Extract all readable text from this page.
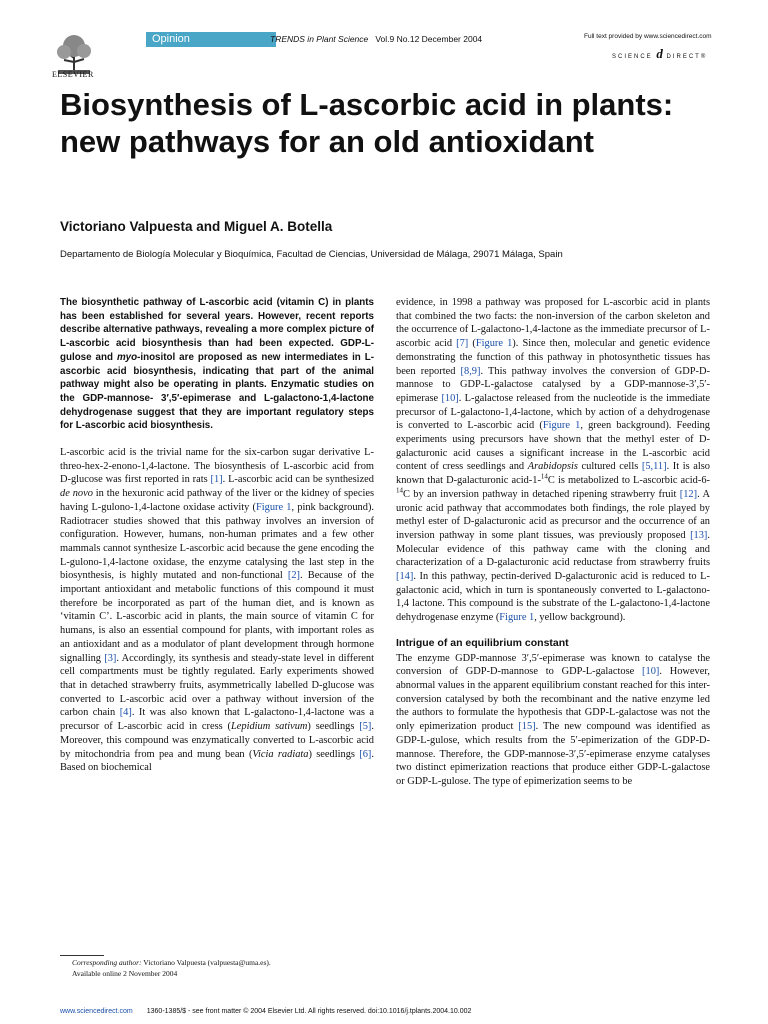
ELSEVIER
Opinion	TRENDS in Plant Science Vol.9 No.12 December 2004	Full text provided by www.sciencedirect.com
SCIENCE d DIRECT®
Biosynthesis of L-ascorbic acid in plants: new pathways for an old antioxidant
Victoriano Valpuesta and Miguel A. Botella
Departamento de Biología Molecular y Bioquímica, Facultad de Ciencias, Universidad de Málaga, 29071 Málaga, Spain

The biosynthetic pathway of L-ascorbic acid (vitamin C) in plants has been established for several years. However, recent reports describe alternative pathways, revealing a more complex picture of L-ascorbic acid biosynthesis than had been expected. GDP-L-gulose and myo-inositol are proposed as new intermediates in L-ascorbic acid biosynthesis, indicating that part of the animal pathway might also be operating in plants. Enzymatic studies on the GDP-mannose- 3′,5′-epimerase and L-galactono-1,4-lactone dehydrogenase suggest that they are important regulatory steps for L-ascorbic acid biosynthesis.

L-ascorbic acid is the trivial name for the six-carbon sugar derivative L-threo-hex-2-enono-1,4-lactone. The biosynthesis of L-ascorbic acid from D-glucose was first reported in rats [1]. L-ascorbic acid can be synthesized de novo in the hexuronic acid pathway of the liver or the kidney of species having L-gulono-1,4-lactone oxidase activity (Figure 1, pink background). Radiotracer studies showed that this pathway involves an inversion of configuration. However, humans, non-human primates and a few other mammals cannot synthesize L-ascorbic acid because the gene encoding the L-gulono-1,4-lactone oxidase, the enzyme catalysing the last step in the biosynthesis, is highly mutated and non-functional [2]. Because of the important antioxidant and metabolic functions of this compound it must therefore be incorporated as part of the human diet, and is known as ‘vitamin C’. L-ascorbic acid in plants, the main source of vitamin C for humans, is also an essential compound for plants, with important roles as an antioxidant and as a modulator of plant development through hormone signalling [3]. Accordingly, its synthesis and steady-state level in different cell compartments must be tightly regulated. Early experiments showed that in detached strawberry fruits, asymmetrically labelled D-glucose was converted to L-ascorbic acid over a pathway without inversion of the carbon chain [4]. It was also known that L-galactono-1,4-lactone was a precursor of L-ascorbic acid in cress (Lepidium sativum) seedlings [5]. Moreover, this compound was enzymatically converted to L-ascorbic acid by mitochondria from pea and mung bean (Vicia radiata) seedlings [6]. Based on biochemical

evidence, in 1998 a pathway was proposed for L-ascorbic acid in plants that combined the two facts: the non-inversion of the carbon skeleton and the occurrence of L-galactono-1,4-lactone as the immediate precursor of L-ascorbic acid [7] (Figure 1). Since then, molecular and genetic evidence demonstrating the function of this pathway in photosynthetic tissues has been reported [8,9]. This pathway involves the conversion of GDP-D-mannose to GDP-L-galactose catalysed by a GDP-mannose-3′,5′-epimerase [10]. L-galactose released from the nucleotide is the immediate precursor of L-galactono-1,4-lactone, which by action of a dehydrogenase is converted to L-ascorbic acid (Figure 1, green background). Feeding experiments using precursors have shown that the methyl ester of D-galacturonic acid causes a significant increase in the L-ascorbic acid content of cress seedlings and Arabidopsis cultured cells [5,11]. It is also known that D-galacturonic acid-1-$^{14}$C is metabolized to L-ascorbic acid-6-$^{14}$C by an inversion pathway in detached ripening strawberry fruit [12]. A uronic acid pathway that accommodates both findings, the role played by methyl ester of D-galacturonic acid as precursor and the occurrence of an inversion pathway in some plant tissues, was previously proposed [13]. Molecular evidence of this pathway came with the cloning and characterization of a D-galacturonic acid reductase from strawberry fruits [14]. In this pathway, pectin-derived D-galacturonic acid is reduced to L-galactonic acid, which in turn is spontaneously converted to L-galactono-1,4 lactone. This compound is the substrate of the L-galactono-1,4-lactone dehydrogenase enzyme (Figure 1, yellow background).

Intrigue of an equilibrium constant

The enzyme GDP-mannose 3′,5′-epimerase was known to catalyse the conversion of GDP-D-mannose to GDP-L-galactose [10]. However, abnormal values in the apparent equilibrium constant reached for this inter-conversion catalysed by both the recombinant and the native enzyme led the authors to formulate the hypothesis that GDP-L-galactose was not the only epimerization product [15]. The new compound was identified as GDP-L-gulose, which results from the 5′-epimerization of the GDP-D-mannose. Therefore, the GDP-mannose-3′,5′-epimerase enzyme catalyses two distinct epimerization reactions that produce either GDP-L-galactose or GDP-L-gulose. The type of epimerization seems to be

Corresponding author: Victoriano Valpuesta (valpuesta@uma.es).
Available online 2 November 2004
www.sciencedirect.com 1360-1385/$ - see front matter © 2004 Elsevier Ltd. All rights reserved. doi:10.1016/j.tplants.2004.10.002
